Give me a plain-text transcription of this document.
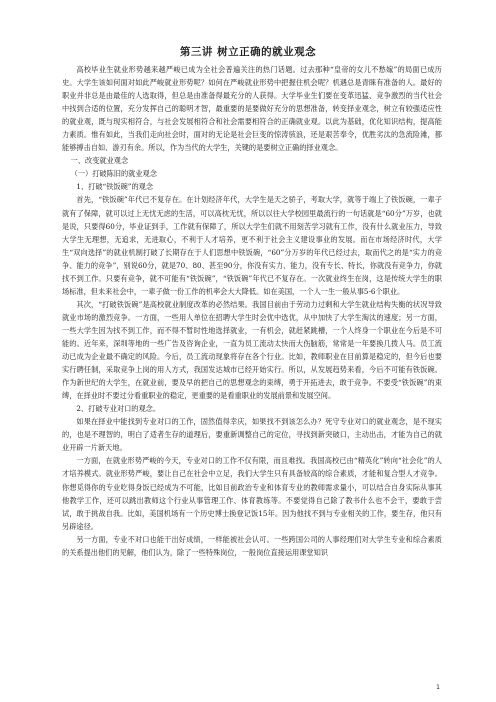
第三讲 树立正确的就业观念

高校毕业生就业形势越来越严峻已成为全社会普遍关注的热门话题。过去那种“皇帝的女儿不愁嫁”的局面已成历史。大学生该如何面对如此严峻就业形势呢？如何在严峻就业形势中把握住机会呢？机遇总是青睐有准备的人。最好的职业并非总是由最佳的人选取得，但总是由准备得最充分的人获得。大学毕业生们要在变革迅猛、竞争激烈的当代社会中找到合适的位置，充分发挥自己的聪明才智，最重要的是要做好充分的思想准备，转变择业观念，树立有较强适应性的就业观，既与现实相符合，与社会发展相符合和社会需要相符合的正确就业观。以此为基础，优化知识结构，提高能力素质。惟有如此，当我们走向社会时，面对的无论是社会巨变的惊涛骇浪，还是艰苦奉令，优胜劣汰的急流险滩，都能够搏击自如、游刃有余。所以，作为当代的大学生，关键的是要树立正确的择业观念。

一、改变就业观念

（一）打破陈旧的就业观念

1、打破“铁饭碗”的观念

首先，“铁饭碗”年代已不复存在。在计划经济年代，大学生是天之骄子，考取大学，就等于端上了铁饭碗，一辈子就有了保障，就可以过上无忧无虑的生活，可以高枕无忧，所以以往大学校园里最流行的一句话就是“60分”万岁，也就是说，只要得60分，毕业证到手，工作就有保障了，所以大学生们就不用刻苦学习就有工作，没有什么就业压力，导致大学生无理想，无追求，无进取心，不利于人才培养，更不利于社会主义建设事业的发展。而在市场经济时代，大学生“双向选择”的就业机制打破了长期存在于人们思想中铁饭碗，“60”分万岁的年代已经过去，取而代之的是“实力的竞争、能力的竞争”，别说60分，就是70、80、甚至90分，你没有实力、能力，没有专长、特长，你就没有竞争力，你就找不到工作。只要有竞争，就不可能有“铁饭碗”，“铁饭碗”年代已不复存在。一次就业终生在岗，这是传统大学生的职场标准，但未来社会中，一辈子做一份工作的机率会大大降低。如在美国，一个人一生一般从事5-6个职业。

其次，“打破铁饭碗”是高校就业制度改革的必然结果。我国目前由于劳动力过剩和大学生就业结构失衡的状况导致就业市场的激烈竞争。一方面，一些用人单位在招聘大学生时会优中选优，从中加快了大学生淘汰的速度；另一方面，一些大学生因为找不到工作，而不得不暂时性地选择就业，一有机会，就赶紧跳槽，一个人终身一个职业在今后是不可能的。近年来，深圳等地的一些广告及咨询企业，一直为员工流动太快而大伤脑筋，常常是一年要换几拨人马。员工流动已成为企业最不确定的风险。今后，员工流动现象将存在各个行业。比如，教师职业在目前算是稳定的，但今后也要实行聘任制，采取竞争上岗的用人方式，我国发达城市已经开始实行。所以，从发展趋势来看，今后不可能有铁饭碗。作为新世纪的大学生，在就业前，要及早的把自己的思想观念的束缚，勇于开拓进去，敢于竞争。不要受“铁饭碗”的束缚，在择业时不要过分看重职业的稳定，更重要的是看重职业的发展前景和发展空间。

2、打破专业对口的观念。

如果在择业中能找到专业对口的工作，固然值得幸庆，如果找不到该怎么办？死守专业对口的就业观念，是不现实的，也是不理智的，明白了适者生存的道理后，要重新调整自己的定位，寻找到新突破口，主动出击，才能为自己的就业开辟一片新天地。

一方面，在就业形势严峻的今天，专业对口的工作不仅有限，而且难找。我国高校已由“精英化”转向“社会化”的人才培养模式。就业形势严峻，要让自己在社会中立足，我们大学生只有具备较高的综合素质，才能和复合型人才竞争。你想觅得你的专业吃得身饭已经成为不可能，比如目前政治专业和体育专业的教师需求量小，可以结合自身实际从事其他教学工作，还可以跳出教师这个行业从事管理工作、体育教练等。不要觉得自己除了教书什么也不会干，要敢于尝试，敢于挑战自我。比如，美国机场有一个历史博士换登记饭15年。因为他找不到与专业相关的工作，要生存，他只有另辟途径。

另一方面，专业不对口也能干出好成绩，一样能被社会认可。一些跨国公司的人事经理们对大学生专业和综合素质的关系提出他们的见解，他们认为，除了一些特殊岗位，一般岗位直接运用课堂知识

1
